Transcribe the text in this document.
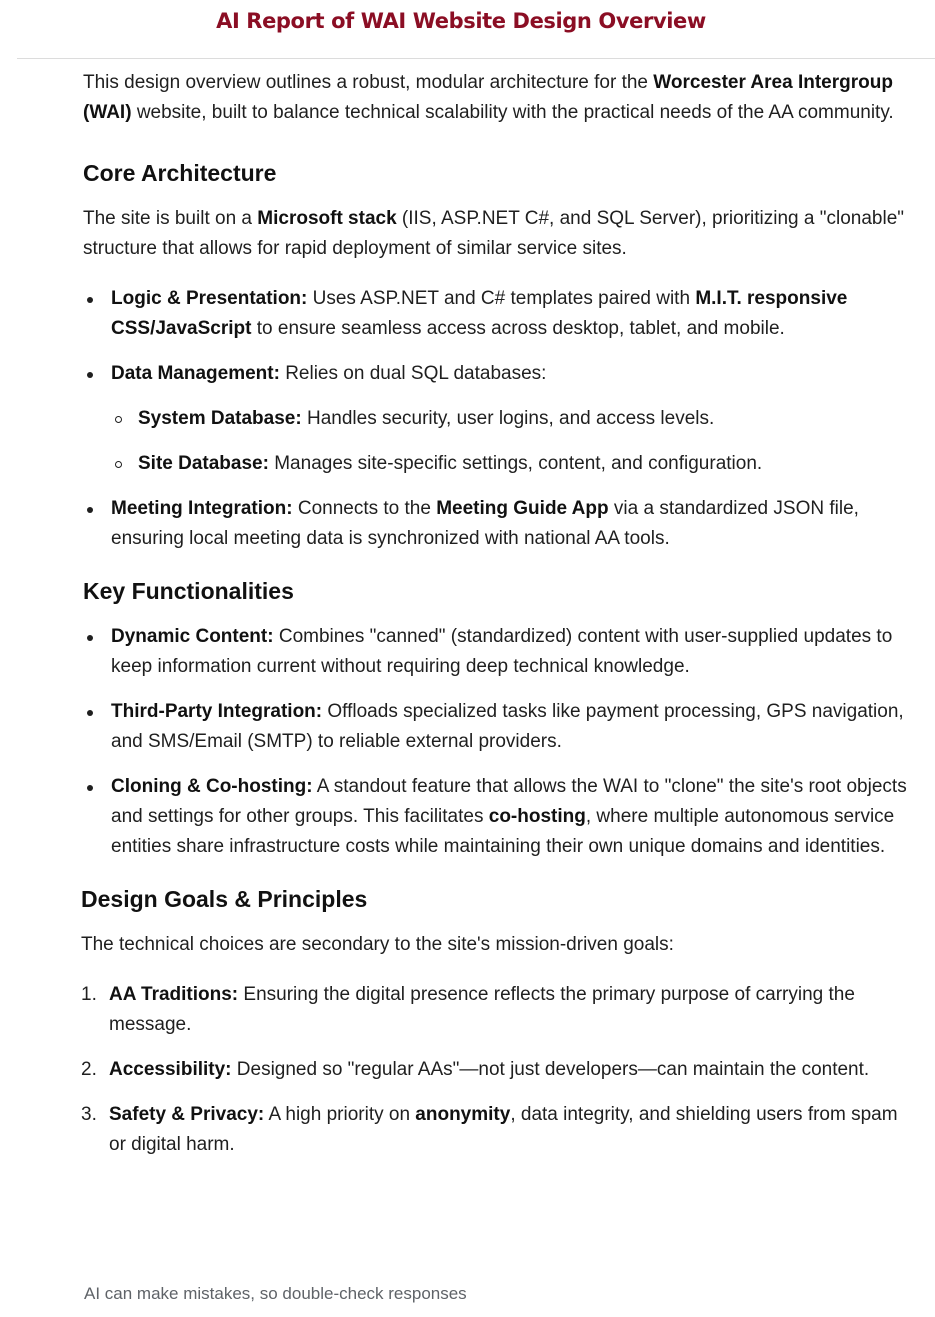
AI Report of WAI Website Design Overview

This design overview outlines a robust, modular architecture for the Worcester Area Intergroup (WAI) website, built to balance technical scalability with the practical needs of the AA community.

Core Architecture

The site is built on a Microsoft stack (IIS, ASP.NET C#, and SQL Server), prioritizing a "clonable" structure that allows for rapid deployment of similar service sites.

Logic & Presentation: Uses ASP.NET and C# templates paired with M.I.T. responsive CSS/JavaScript to ensure seamless access across desktop, tablet, and mobile.
Data Management: Relies on dual SQL databases:
System Database: Handles security, user logins, and access levels.
Site Database: Manages site-specific settings, content, and configuration.
Meeting Integration: Connects to the Meeting Guide App via a standardized JSON file, ensuring local meeting data is synchronized with national AA tools.
Key Functionalities
Dynamic Content: Combines "canned" (standardized) content with user-supplied updates to keep information current without requiring deep technical knowledge.
Third-Party Integration: Offloads specialized tasks like payment processing, GPS navigation, and SMS/Email (SMTP) to reliable external providers.
Cloning & Co-hosting: A standout feature that allows the WAI to "clone" the site's root objects and settings for other groups. This facilitates co-hosting, where multiple autonomous service entities share infrastructure costs while maintaining their own unique domains and identities.
Design Goals & Principles

The technical choices are secondary to the site's mission-driven goals:

1. AA Traditions: Ensuring the digital presence reflects the primary purpose of carrying the message.
2. Accessibility: Designed so "regular AAs"—not just developers—can maintain the content.
3. Safety & Privacy: A high priority on anonymity, data integrity, and shielding users from spam or digital harm.
AI can make mistakes, so double-check responses
